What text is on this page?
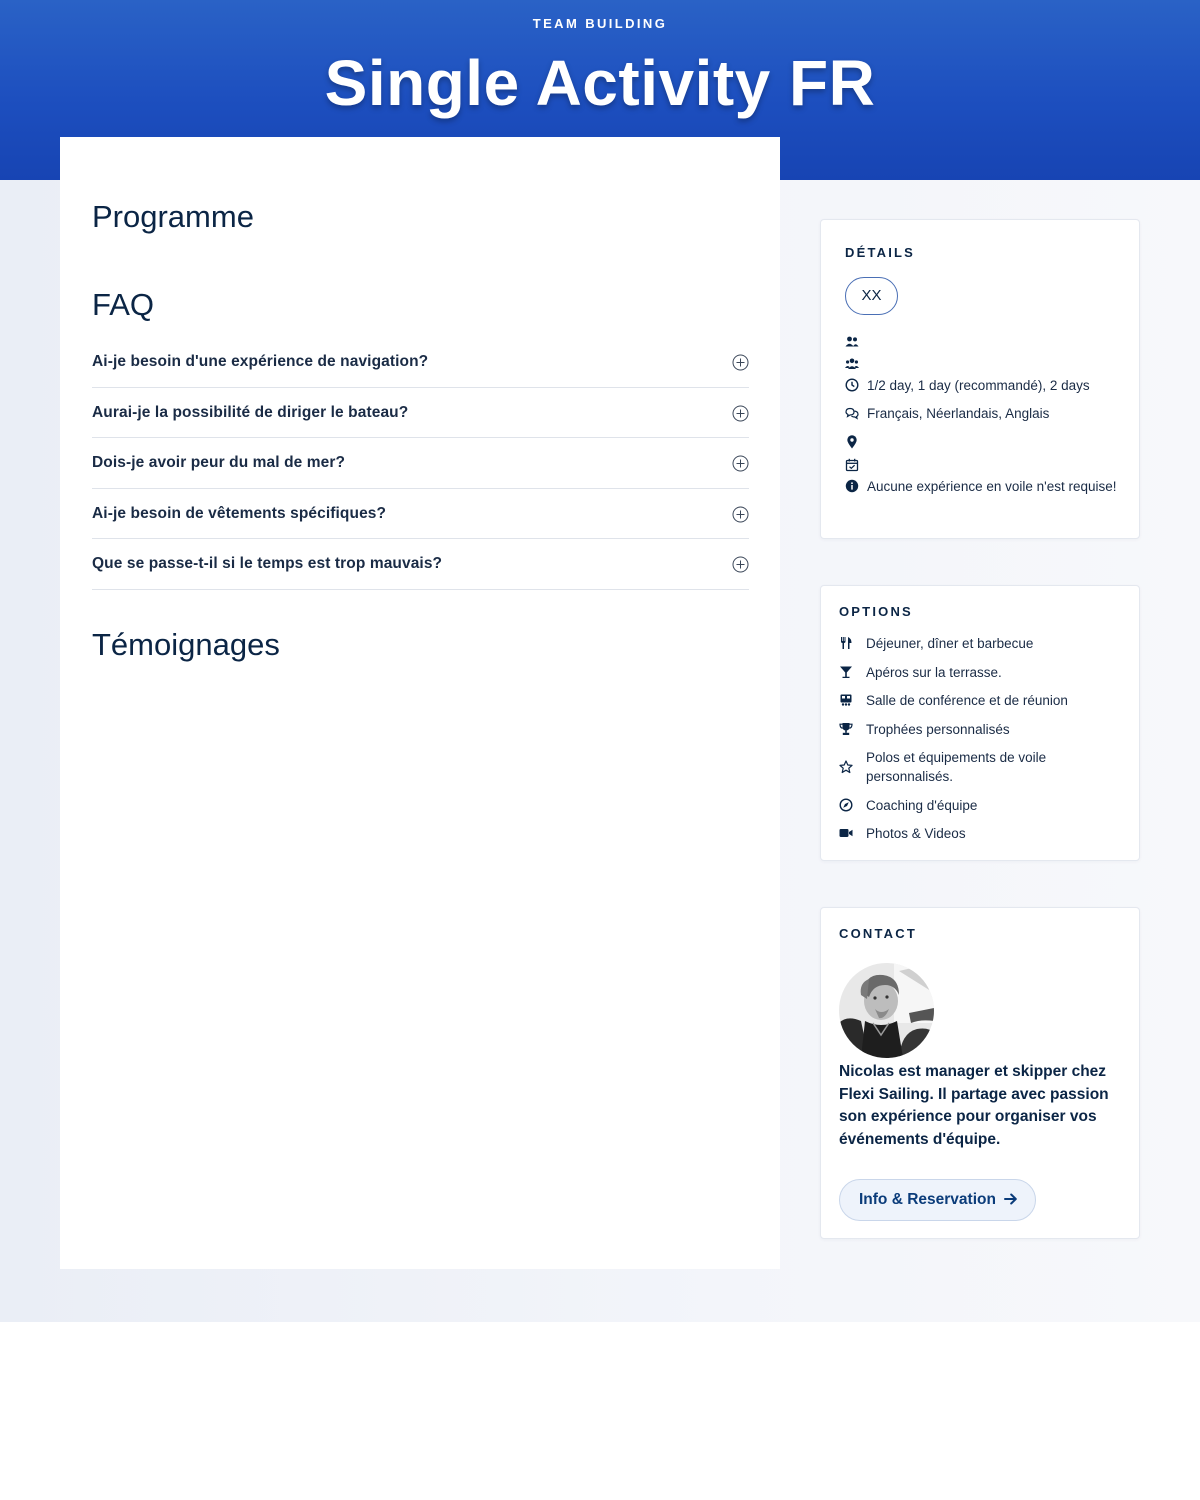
TEAM BUILDING
Single Activity FR
Programme
FAQ
Ai-je besoin d'une expérience de navigation?
Aurai-je la possibilité de diriger le bateau?
Dois-je avoir peur du mal de mer?
Ai-je besoin de vêtements spécifiques?
Que se passe-t-il si le temps est trop mauvais?
Témoignages
DÉTAILS
XX
1/2 day, 1 day (recommandé), 2 days
Français, Néerlandais, Anglais
Aucune expérience en voile n'est requise!
OPTIONS
Déjeuner, dîner et barbecue
Apéros sur la terrasse.
Salle de conférence et de réunion
Trophées personnalisés
Polos et équipements de voile personnalisés.
Coaching d'équipe
Photos & Videos
CONTACT

Nicolas est manager et skipper chez Flexi Sailing. Il partage avec passion son expérience pour organiser vos événements d'équipe.

Info & Reservation
